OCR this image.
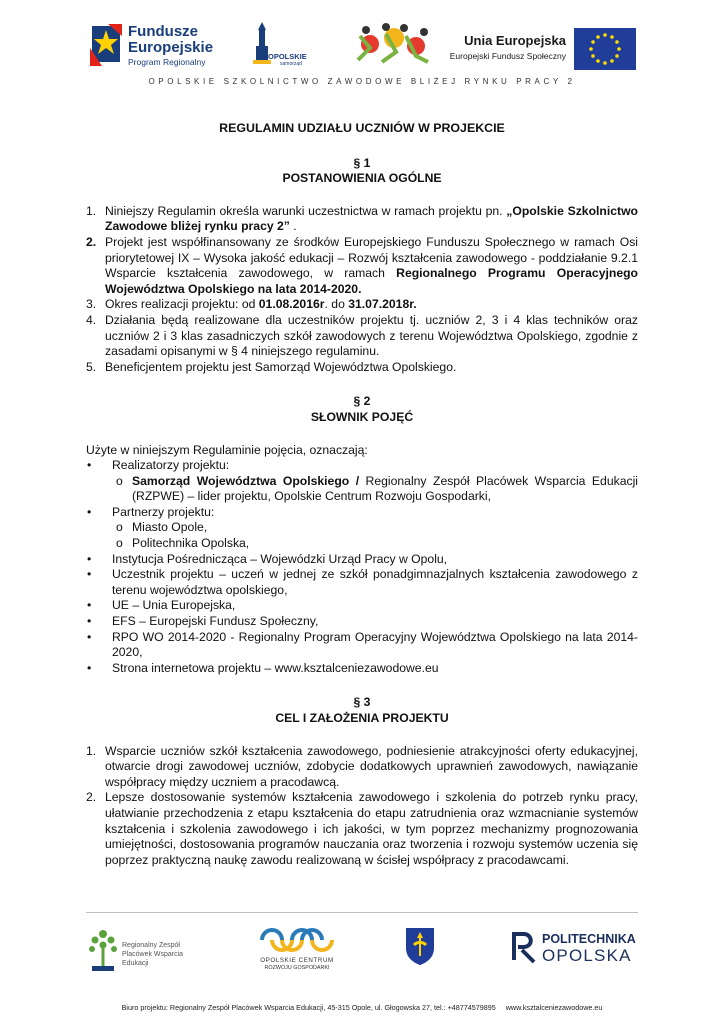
Fundusze
Europejskie
Program Regionalny
OPOLSKIE
samorząd
Unia Europejska
Europejski Fundusz Społeczny
OPOLSKIE SZKOLNICTWO ZAWODOWE BLIŻEJ RYNKU PRACY 2
REGULAMIN UDZIAŁU UCZNIÓW W PROJEKCIE
§ 1
POSTANOWIENIA OGÓLNE
1. Niniejszy Regulamin określa warunki uczestnictwa w ramach projektu pn. „Opolskie Szkolnictwo Zawodowe bliżej rynku pracy 2” .
2. Projekt jest współfinansowany ze środków Europejskiego Funduszu Społecznego w ramach Osi priorytetowej IX – Wysoka jakość edukacji – Rozwój kształcenia zawodowego - poddziałanie 9.2.1 Wsparcie kształcenia zawodowego, w ramach Regionalnego Programu Operacyjnego Województwa Opolskiego na lata 2014-2020.
3. Okres realizacji projektu: od 01.08.2016r. do 31.07.2018r.
4. Działania będą realizowane dla uczestników projektu tj. uczniów 2, 3 i 4 klas techników oraz uczniów 2 i 3 klas zasadniczych szkół zawodowych z terenu Województwa Opolskiego, zgodnie z zasadami opisanymi w § 4 niniejszego regulaminu.
5. Beneficjentem projektu jest Samorząd Województwa Opolskiego.
§ 2
SŁOWNIK POJĘĆ
Użyte w niniejszym Regulaminie pojęcia, oznaczają:
• Realizatorzy projektu:
o Samorząd Województwa Opolskiego / Regionalny Zespół Placówek Wsparcia Edukacji (RZPWE) – lider projektu, Opolskie Centrum Rozwoju Gospodarki,
• Partnerzy projektu:
o Miasto Opole,
o Politechnika Opolska,
• Instytucja Pośrednicząca – Wojewódzki Urząd Pracy w Opolu,
• Uczestnik projektu – uczeń w jednej ze szkół ponadgimnazjalnych kształcenia zawodowego z terenu województwa opolskiego,
• UE – Unia Europejska,
• EFS – Europejski Fundusz Społeczny,
• RPO WO 2014-2020 - Regionalny Program Operacyjny Województwa Opolskiego na lata 2014-2020,
• Strona internetowa projektu – www.ksztalceniezawodowe.eu
§ 3
CEL I ZAŁOŻENIA PROJEKTU
1. Wsparcie uczniów szkół kształcenia zawodowego, podniesienie atrakcyjności oferty edukacyjnej, otwarcie drogi zawodowej uczniów, zdobycie dodatkowych uprawnień zawodowych, nawiązanie współpracy między uczniem a pracodawcą.
2. Lepsze dostosowanie systemów kształcenia zawodowego i szkolenia do potrzeb rynku pracy, ułatwianie przechodzenia z etapu kształcenia do etapu zatrudnienia oraz wzmacnianie systemów kształcenia i szkolenia zawodowego i ich jakości, w tym poprzez mechanizmy prognozowania umiejętności, dostosowania programów nauczania oraz tworzenia i rozwoju systemów uczenia się poprzez praktyczną naukę zawodu realizowaną w ścisłej współpracy z pracodawcami.
Regionalny Zespół
Placówek Wsparcia
Edukacji	OPOLSKIE CENTRUM
ROZWOJU GOSPODARKI
POLITECHNIKA
OPOLSKA
Biuro projektu: Regionalny Zespół Placówek Wsparcia Edukacji, 45-315 Opole, ul. Głogowska 27, tel.: +48774579895     www.ksztalceniezawodowe.eu
